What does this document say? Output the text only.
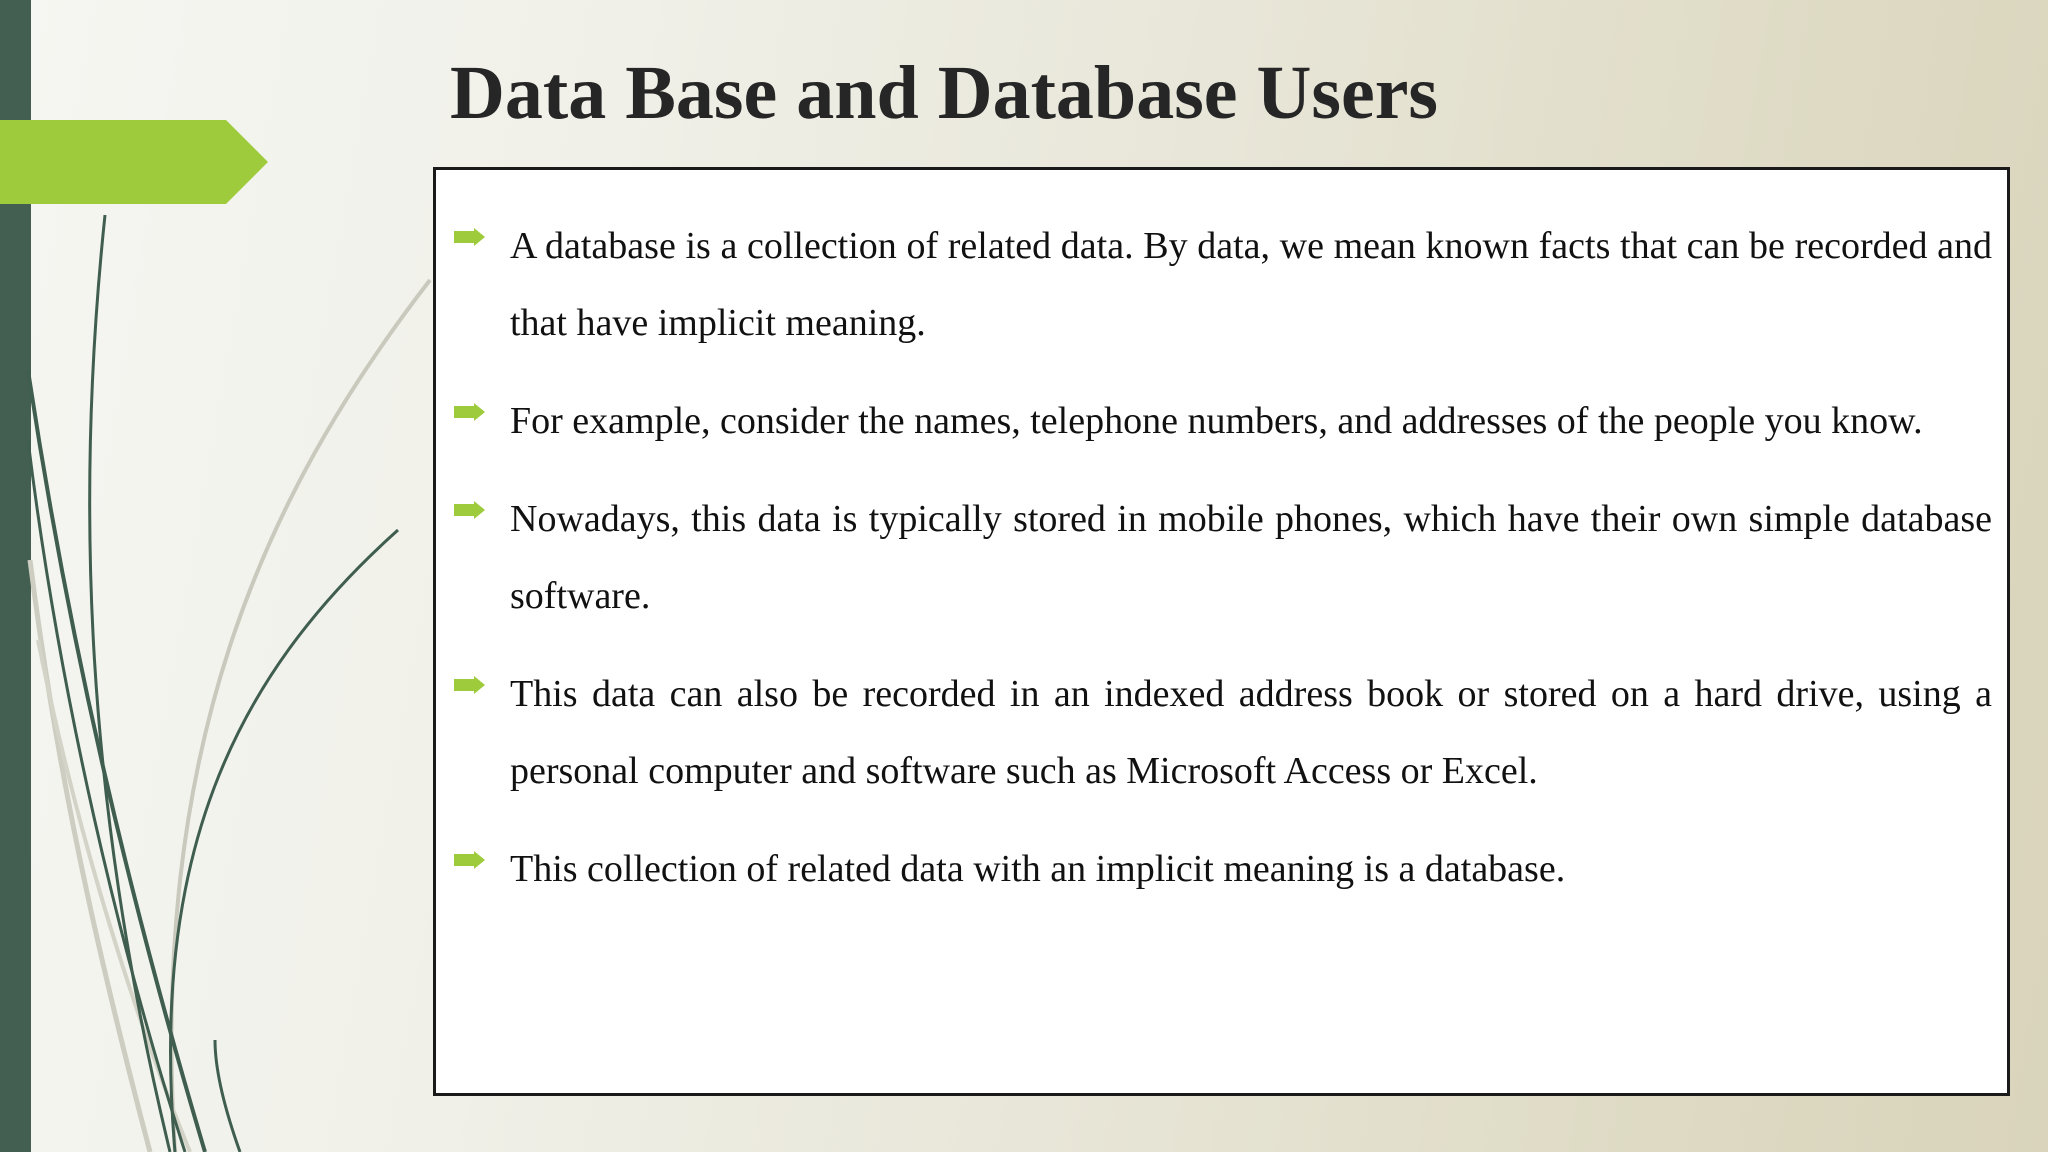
Data Base and Database Users
A database is a collection of related data. By data, we mean known facts that can be recorded and that have implicit meaning.
For example, consider the names, telephone numbers, and addresses of the people you know.
Nowadays, this data is typically stored in mobile phones, which have their own simple database software.
This data can also be recorded in an indexed address book or stored on a hard drive, using a personal computer and software such as Microsoft Access or Excel.
This collection of related data with an implicit meaning is a database.
